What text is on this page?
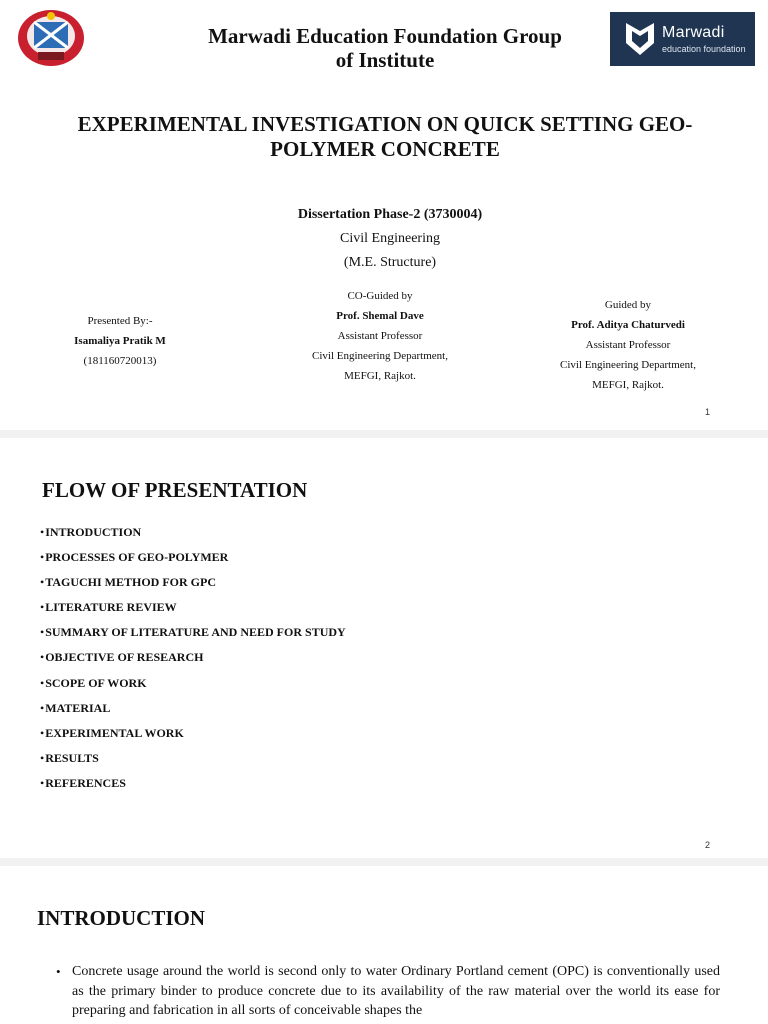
Marwadi
education foundation
Marwadi Education Foundation Group
of Institute
EXPERIMENTAL INVESTIGATION ON QUICK SETTING GEO-
POLYMER CONCRETE
Dissertation Phase-2 (3730004)
Civil Engineering
(M.E. Structure)
Presented By:-
Isamaliya Pratik M
(181160720013)
CO-Guided by
Prof. Shemal Dave
Assistant Professor
Civil Engineering Department,
MEFGI, Rajkot.
Guided by
Prof. Aditya Chaturvedi
Assistant Professor
Civil Engineering Department,
MEFGI, Rajkot.
1
FLOW OF PRESENTATION
• INTRODUCTION
• PROCESSES OF GEO-POLYMER
• TAGUCHI METHOD FOR GPC
• LITERATURE REVIEW
• SUMMARY OF LITERATURE AND NEED FOR STUDY
• OBJECTIVE OF RESEARCH
• SCOPE OF WORK
• MATERIAL
• EXPERIMENTAL WORK
• RESULTS
• REFERENCES
2
INTRODUCTION
• Concrete usage around the world is second only to water Ordinary Portland cement (OPC) is conventionally used as the primary binder to produce concrete due to its availability of the raw material over the world its ease for preparing and fabrication in all sorts of conceivable shapes the
